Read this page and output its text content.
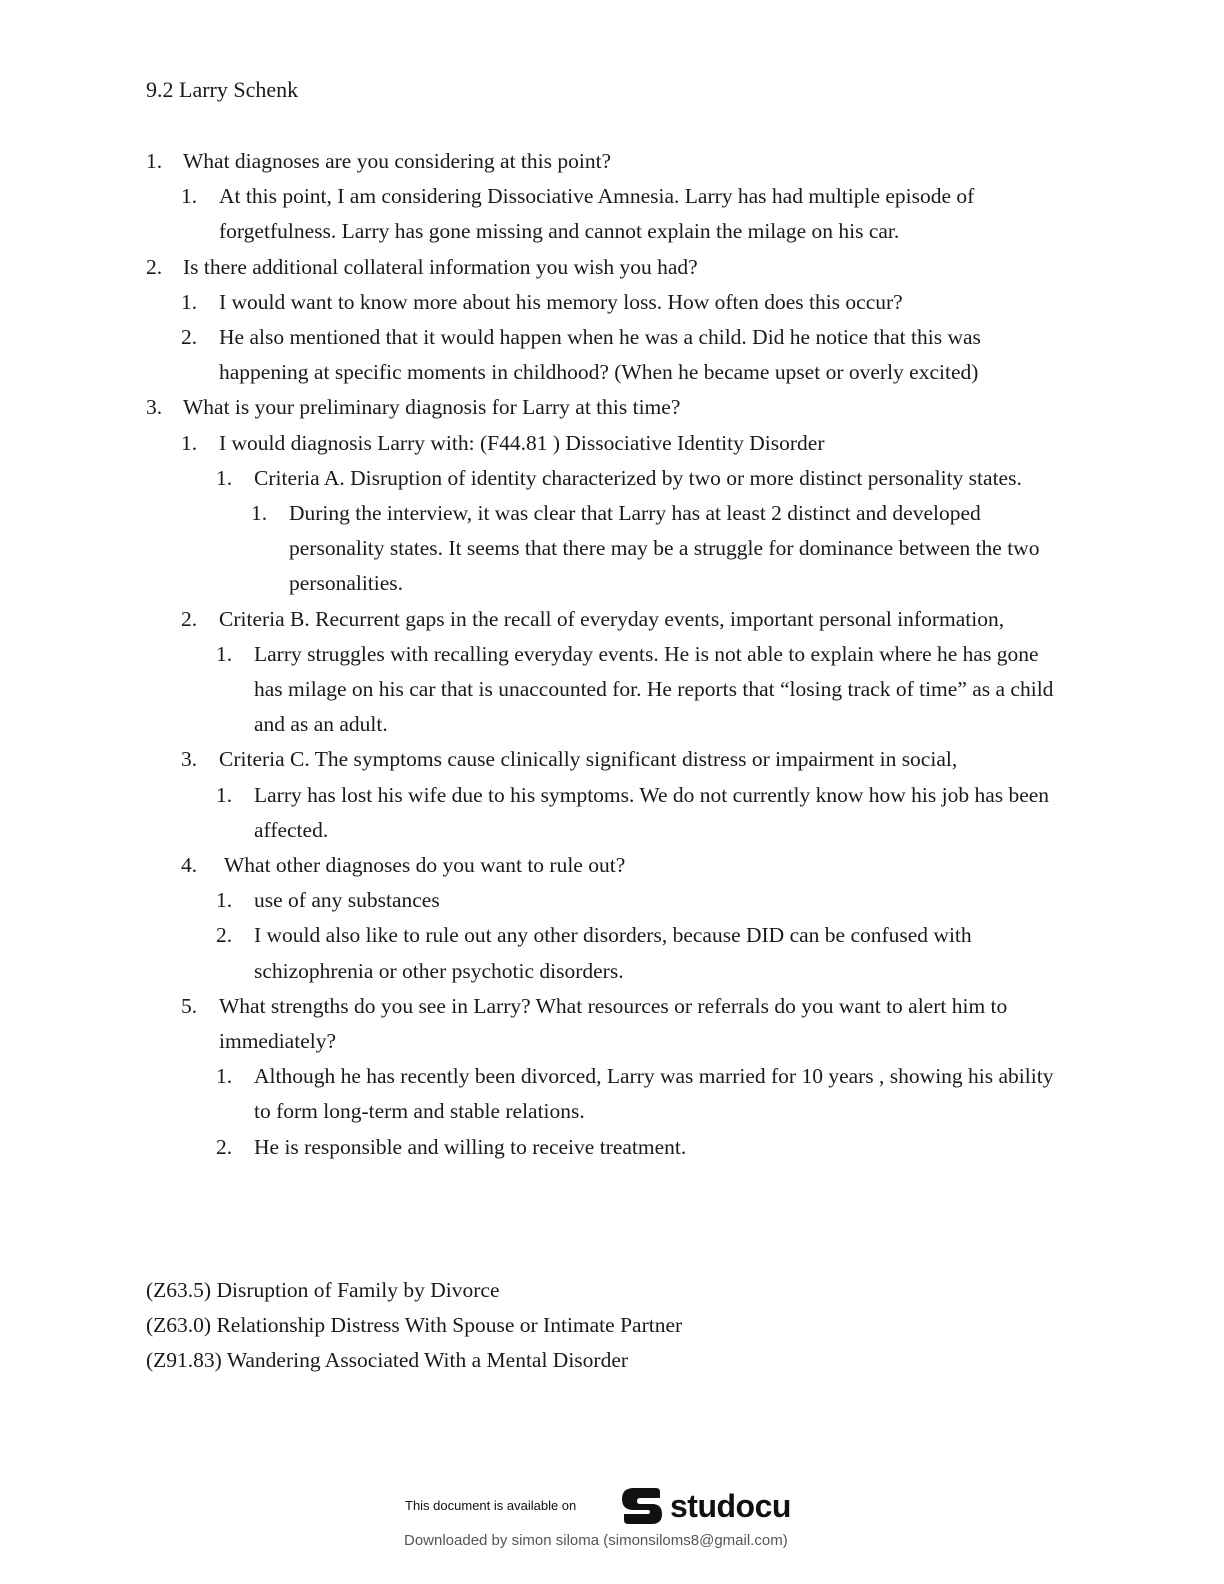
9.2 Larry Schenk
1. What diagnoses are you considering at this point?
1. At this point, I am considering Dissociative Amnesia. Larry has had multiple episode of forgetfulness. Larry has gone missing and cannot explain the milage on his car.
2. Is there additional collateral information you wish you had?
1. I would want to know more about his memory loss. How often does this occur?
2. He also mentioned that it would happen when he was a child. Did he notice that this was happening at specific moments in childhood? (When he became upset or overly excited)
3. What is your preliminary diagnosis for Larry at this time?
1. I would diagnosis Larry with: (F44.81 ) Dissociative Identity Disorder
1. Criteria A. Disruption of identity characterized by two or more distinct personality states.
1. During the interview, it was clear that Larry has at least 2 distinct and developed personality states. It seems that there may be a struggle for dominance between the two personalities.
2. Criteria B. Recurrent gaps in the recall of everyday events, important personal information,
1. Larry struggles with recalling everyday events. He is not able to explain where he has gone has milage on his car that is unaccounted for. He reports that “losing track of time” as a child and as an adult.
3. Criteria C. The symptoms cause clinically significant distress or impairment in social,
1. Larry has lost his wife due to his symptoms. We do not currently know how his job has been affected.
4. What other diagnoses do you want to rule out?
1. use of any substances
2. I would also like to rule out any other disorders, because DID can be confused with schizophrenia or other psychotic disorders.
5. What strengths do you see in Larry? What resources or referrals do you want to alert him to immediately?
1. Although he has recently been divorced, Larry was married for 10 years , showing his ability to form long-term and stable relations.
2. He is responsible and willing to receive treatment.
(Z63.5) Disruption of Family by Divorce
(Z63.0) Relationship Distress With Spouse or Intimate Partner
(Z91.83) Wandering Associated With a Mental Disorder
This document is available on	studocu
Downloaded by simon siloma (simonsiloms8@gmail.com)
